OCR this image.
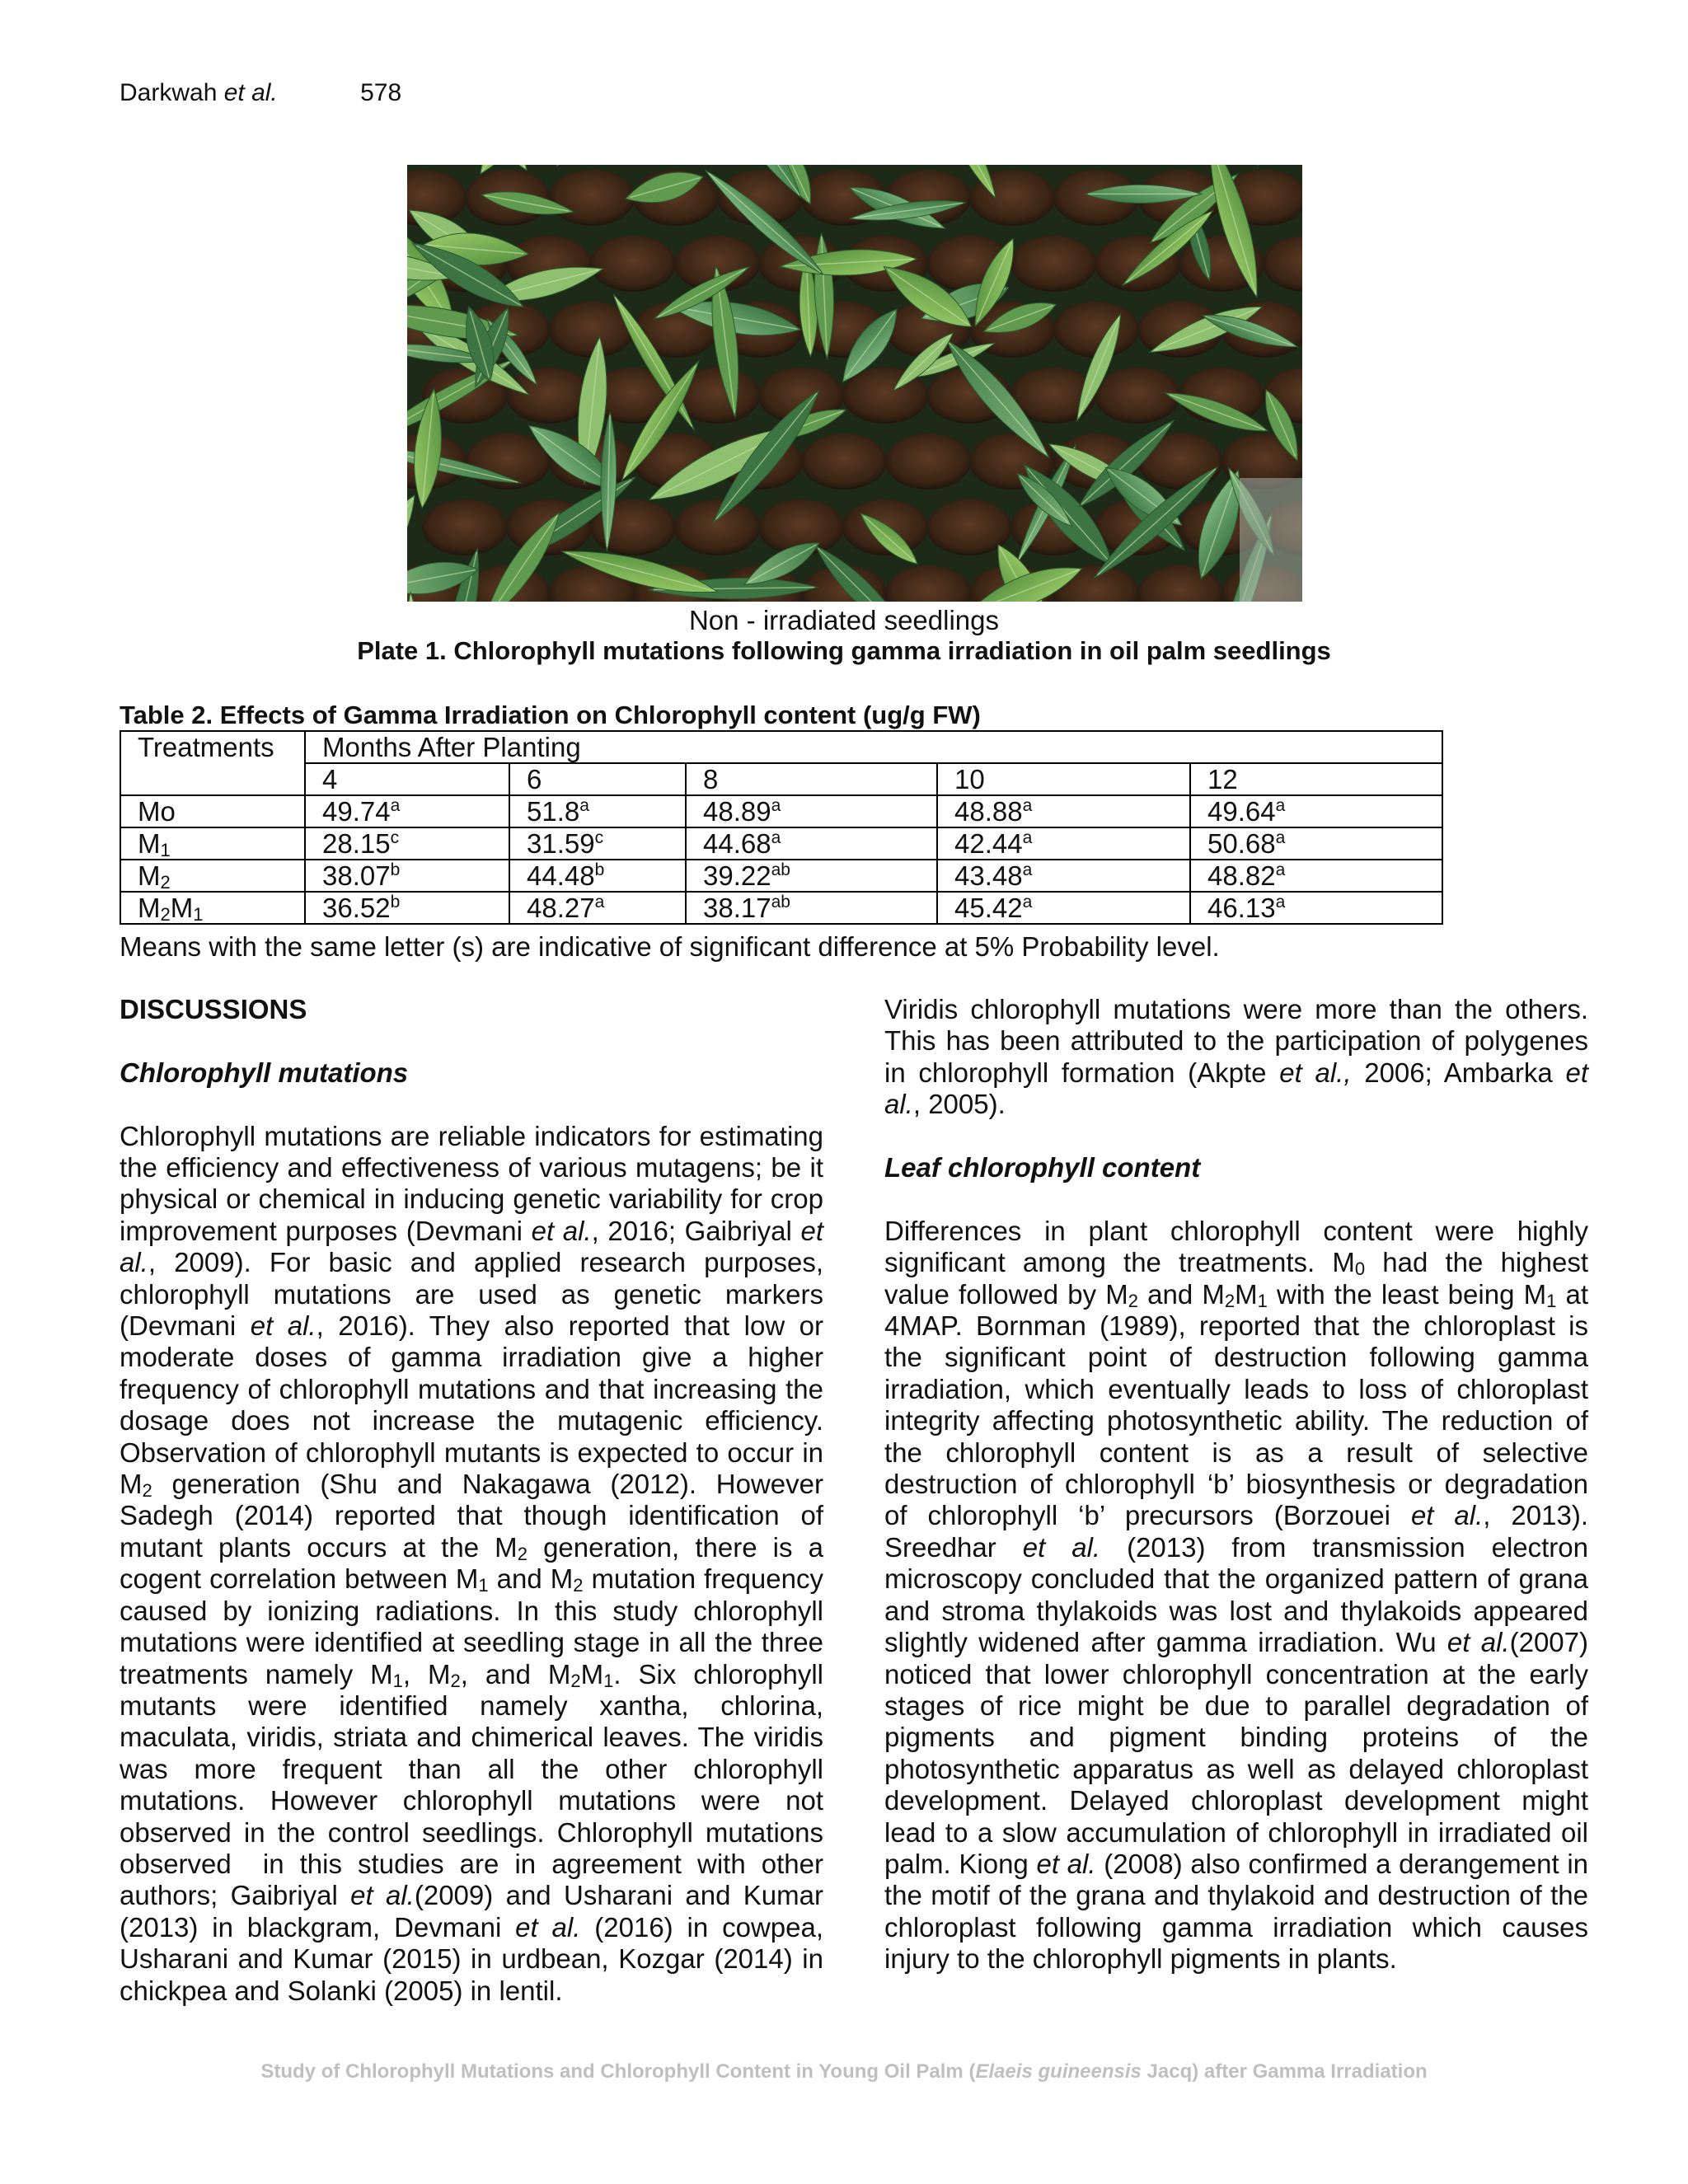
Darkwah et al.	578
Non - irradiated seedlings
Plate 1. Chlorophyll mutations following gamma irradiation in oil palm seedlings
Table 2. Effects of Gamma Irradiation on Chlorophyll content (ug/g FW)
Treatments	Months After Planting				
	4	6	8	10	12
Mo	49.74$^a$	51.8$^a$	48.89$^a$	48.88$^a$	49.64$^a$
$M_1$	28.15$^c$	31.59$^c$	44.68$^a$	42.44$^a$	50.68$^a$
$M_2$	38.07$^b$	44.48$^b$	39.22$^{ab}$	43.48$^a$	48.82$^a$
$M_2M_1$	36.52$^b$	48.27$^a$	38.17$^{ab}$	45.42$^a$	46.13$^a$
Means with the same letter (s) are indicative of significant difference at 5% Probability level.

DISCUSSIONS

Chlorophyll mutations

Chlorophyll mutations are reliable indicators for estimating the efficiency and effectiveness of various mutagens; be it physical or chemical in inducing genetic variability for crop improvement purposes (Devmani et al., 2016; Gaibriyal et al., 2009). For basic and applied research purposes, chlorophyll mutations are used as genetic markers (Devmani et al., 2016). They also reported that low or moderate doses of gamma irradiation give a higher frequency of chlorophyll mutations and that increasing the dosage does not increase the mutagenic efficiency. Observation of chlorophyll mutants is expected to occur in $M_2$ generation (Shu and Nakagawa (2012). However Sadegh (2014) reported that though identification of mutant plants occurs at the $M_2$ generation, there is a cogent correlation between $M_1$ and $M_2$ mutation frequency caused by ionizing radiations. In this study chlorophyll mutations were identified at seedling stage in all the three treatments namely $M_1$, $M_2$, and $M_2M_1$. Six chlorophyll mutants were identified namely xantha, chlorina, maculata, viridis, striata and chimerical leaves. The viridis was more frequent than all the other chlorophyll mutations. However chlorophyll mutations were not observed in the control seedlings. Chlorophyll mutations observed  in this studies are in agreement with other authors; Gaibriyal et al.(2009) and Usharani and Kumar (2013) in blackgram, Devmani et al. (2016) in cowpea, Usharani and Kumar (2015) in urdbean, Kozgar (2014) in chickpea and Solanki (2005) in lentil.

Viridis chlorophyll mutations were more than the others. This has been attributed to the participation of polygenes in chlorophyll formation (Akpte et al., 2006; Ambarka et al., 2005).

Leaf chlorophyll content

Differences in plant chlorophyll content were highly significant among the treatments. $M_0$ had the highest value followed by $M_2$ and $M_2M_1$ with the least being $M_1$ at 4MAP. Bornman (1989), reported that the chloroplast is the significant point of destruction following gamma irradiation, which eventually leads to loss of chloroplast integrity affecting photosynthetic ability. The reduction of the chlorophyll content is as a result of selective destruction of chlorophyll ‘b’ biosynthesis or degradation of chlorophyll ‘b’ precursors (Borzouei et al., 2013). Sreedhar et al. (2013) from transmission electron microscopy concluded that the organized pattern of grana and stroma thylakoids was lost and thylakoids appeared slightly widened after gamma irradiation. Wu et al.(2007) noticed that lower chlorophyll concentration at the early stages of rice might be due to parallel degradation of pigments and pigment binding proteins of the photosynthetic apparatus as well as delayed chloroplast development. Delayed chloroplast development might lead to a slow accumulation of chlorophyll in irradiated oil palm. Kiong et al. (2008) also confirmed a derangement in the motif of the grana and thylakoid and destruction of the chloroplast following gamma irradiation which causes injury to the chlorophyll pigments in plants.

Study of Chlorophyll Mutations and Chlorophyll Content in Young Oil Palm (Elaeis guineensis Jacq) after Gamma Irradiation
